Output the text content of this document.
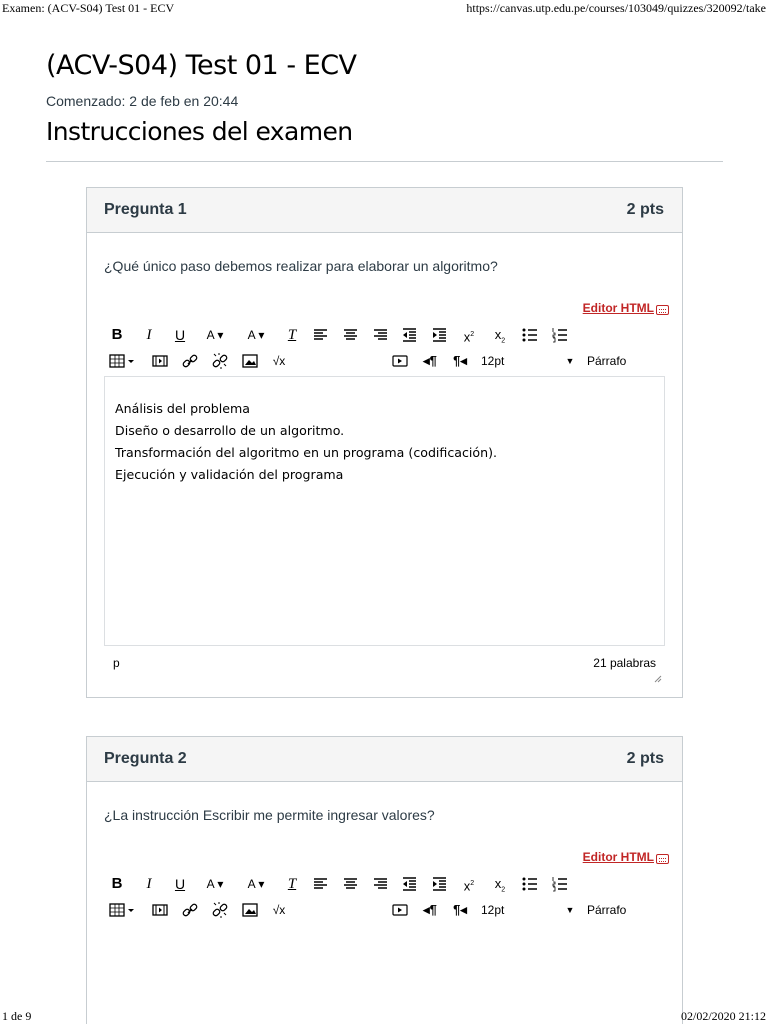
Examen: (ACV-S04) Test 01 - ECV	https://canvas.utp.edu.pe/courses/103049/quizzes/320092/take
(ACV-S04) Test 01 - ECV
Comenzado: 2 de feb en 20:44
Instrucciones del examen
Pregunta 1	2 pts
¿Qué único paso debemos realizar para elaborar un algoritmo?
Editor HTML
B	I	U	A ▾	A ▾	T	$x^2$ $x_2$
√x	◂¶ ¶◂ 12pt	▼ Párrafo
Análisis del problema
Diseño o desarrollo de un algoritmo.
Transformación del algoritmo en un programa (codificación).
Ejecución y validación del programa
p	21 palabras
Pregunta 2	2 pts
¿La instrucción Escribir me permite ingresar valores?
Editor HTML
B	I	U	A ▾	A ▾	T	$x^2$ $x_2$
√x	◂¶ ¶◂ 12pt	▼ Párrafo
1 de 9	02/02/2020 21:12
